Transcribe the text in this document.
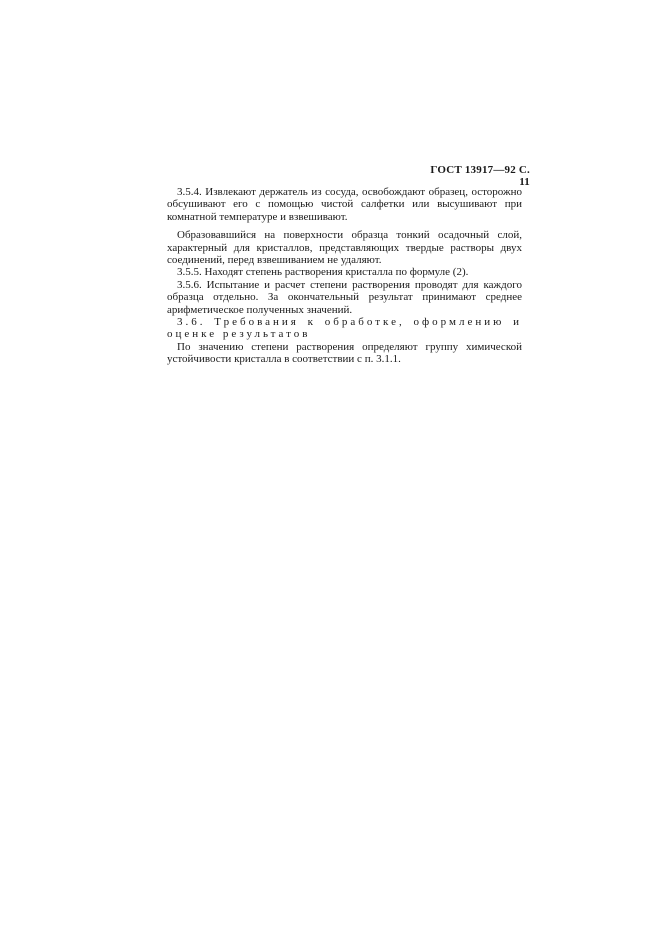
ГОСТ 13917—92 С. 11

3.5.4. Извлекают держатель из сосуда, освобождают образец, осторожно обсушивают его с помощью чистой салфетки или высушивают при комнатной температуре и взвешивают.

Образовавшийся на поверхности образца тонкий осадочный слой, характерный для кристаллов, представляющих твердые растворы двух соединений, перед взвешиванием не удаляют.

3.5.5. Находят степень растворения кристалла по формуле (2).

3.5.6. Испытание и расчет степени растворения проводят для каждого образца отдельно. За окончательный результат принимают среднее арифметическое полученных значений.

3.6. Требования к обработке, оформлению и

оценке результатов

По значению степени растворения определяют группу химической устойчивости кристалла в соответствии с п. 3.1.1.
